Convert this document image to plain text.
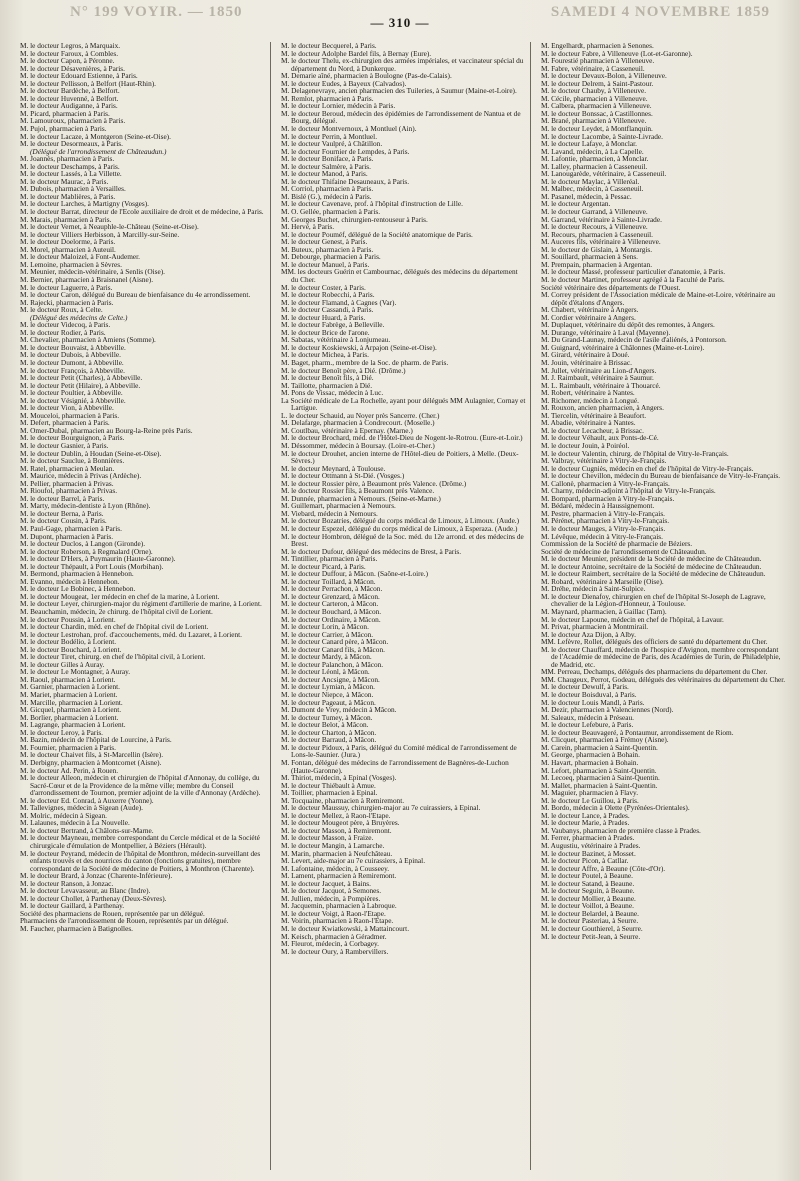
N° 199 VOYIR. — 1850
— 310 —
SAMEDI 4 NOVEMBRE 1859
M. le docteur Legros, à Marquaix.
M. le docteur Faroux, à Combles.
M. le docteur Capon, à Péronne.
M. le docteur Désavenières, à Paris.
M. le docteur Edouard Estienne, à Paris.
M. le docteur Pellisson, à Belfort (Haut-Rhin).
M. le docteur Bardèche, à Belfort.
M. le docteur Huvenné, à Belfort.
M. le docteur Audiganne, à Paris.
M. Picard, pharmacien à Paris.
M. Lamouroux, pharmacien à Paris.
M. Pujol, pharmacien à Paris.
M. le docteur Lacaze, à Montgeron (Seine-et-Oise).
M. le docteur Desormeaux, à Paris.
(Délégué de l'arrondissement de Châteaudun.)
M. Joannès, pharmacien à Paris.
M. le docteur Deschamps, à Paris.
M. le docteur Lassés, à La Villette.
M. le docteur Maurac, à Paris.
M. Dubois, pharmacien à Versailles.
M. le docteur Mablières, à Paris.
M. le docteur Larches, à Martigny (Vosges).
M. le docteur Barrat, directeur de l'Ecole auxiliaire de droit et de médecine, à Paris.
M. Marais, pharmacien à Paris.
M. le docteur Vernet, à Neauphle-le-Château (Seine-et-Oise).
M. le docteur Villiers Herbisson, à Marcilly-sur-Seine.
M. le docteur Doelorme, à Paris.
M. Morel, pharmacien à Auteuil.
M. le docteur Maloizel, à Font-Audemer.
M. Lemoine, pharmacien à Sèvres.
M. Meunier, médecin-vétérinaire, à Senlis (Oise).
M. Bernier, pharmacien à Braisnanel (Aisne).
M. le docteur Laguerre, à Paris.
M. le docteur Caron, délégué du Bureau de bienfaisance du 4e arrondissement.
M. Rajecki, pharmacien à Paris.
M. le docteur Roux, à Celte.
(Délégué des médecins de Celte.)
M. le docteur Videcoq, à Paris.
M. le docteur Rodier, à Paris.
M. Chevalier, pharmacien à Amiens (Somme).
M. le docteur Bouvaist, à Abbeville.
M. le docteur Dubois, à Abbeville.
M. le docteur Dumont, à Abbeville.
M. le docteur François, à Abbeville.
M. le docteur Petit (Charles), à Abbeville.
M. le docteur Petit (Hilaire), à Abbeville.
M. le docteur Poultier, à Abbeville.
M. le docteur Vésignié, à Abbeville.
M. le docteur Vion, à Abbeville.
M. Mouceloi, pharmacien à Paris.
M. Defert, pharmacien à Paris.
M. Omer-Dubal, pharmacien au Bourg-la-Reine près Paris.
M. le docteur Bourguignon, à Paris.
M. le docteur Gasnier, à Paris.
M. le docteur Dublin, à Houdan (Seine-et-Oise).
M. le docteur Sauclue, à Bonnières.
M. Ratel, pharmacien à Meulan.
M. Maurice, médecin à Privas (Ardèche).
M. Pellier, pharmacien à Privas.
M. Rioufol, pharmacien à Privas.
M. le docteur Barrel, à Paris.
M. Marty, médecin-dentiste à Lyon (Rhône).
M. le docteur Berna, à Paris.
M. le docteur Cousin, à Paris.
M. Paul-Gage, pharmacien à Paris.
M. Dupont, pharmacien à Paris.
M. le docteur Duclos, à Langon (Gironde).
M. le docteur Roberson, à Regmalard (Orne).
M. le docteur D'Hers, à Puymaurin (Haute-Garonne).
M. le docteur Thépault, à Port Louis (Morbihan).
M. Bermond, pharmacien à Hennebon.
M. Evanno, médecin à Hennebon.
M. le docteur Le Bobinec, à Hennebon.
M. le docteur Mougeat, 1er médecin en chef de la marine, à Lorient.
M. le docteur Leyer, chirurgien-major du régiment d'artillerie de marine, à Lorient.
M. Beauchamin, médecin, 2e chirurg. de l'hôpital civil de Lorient.
M. le docteur Poussin, à Lorient.
M. le docteur Chardin, méd. en chef de l'hôpital civil de Lorient.
M. le docteur Lestrohan, prof. d'accouchements, méd. du Lazaret, à Lorient.
M. le docteur Bodélio, à Lorient.
M. le docteur Bouchard, à Lorient.
M. le docteur Tiret, chirurg. en chef de l'hôpital civil, à Lorient.
M. le docteur Gilles à Auray.
M. le docteur Le Montagner, à Auray.
M. Raoul, pharmacien à Lorient.
M. Garnier, pharmacien à Lorient.
M. Mariet, pharmacien à Lorient.
M. Marcille, pharmacien à Lorient.
M. Gicquel, pharmacien à Lorient.
M. Borlier, pharmacien à Lorient.
M. Lagrange, pharmacien à Lorient.
M. le docteur Leroy, à Paris.
M. Bazin, médecin de l'hôpital de Lourcine, à Paris.
M. Fournier, pharmacien à Paris.
M. le docteur Chaivet fils, à St-Marcellin (Isère).
M. Derbigny, pharmacien à Montcornet (Aisne).
M. le docteur Ad. Perin, à Rouen.
M. le docteur Alleon, médecin et chirurgien de l'hôpital d'Annonay, du collège, du Sacré-Cœur et de la Providence de la même ville; membre du Conseil d'arrondissement de Tournon, premier adjoint de la ville d'Annonay (Ardèche).
M. le docteur Ed. Conrad, à Auxerre (Yonne).
M. Tallevignes, médecin à Sigean (Aude).
M. Molric, médecin à Sigean.
M. Lalaunes, médecin à La Nouvelle.
M. le docteur Bertrand, à Châlons-sur-Marne.
M. le docteur Mayneau, membre correspondant du Cercle médical et de la Société chirurgicale d'émulation de Montpellier, à Béziers (Hérault).
M. le docteur Peyrand, médecin de l'hôpital de Monthron, médecin-surveillant des enfants trouvés et des nourrices du canton (fonctions gratuites), membre correspondant de la Société de médecine de Poitiers, à Monthron (Charente).
M. le docteur Brard, à Jonzac (Charente-Inférieure).
M. le docteur Ranson, à Jonzac.
M. le docteur Levavasseur, au Blanc (Indre).
M. le docteur Chollet, à Parthenay (Deux-Sèvres).
M. le docteur Gaillard, à Parthenay.
Société des pharmaciens de Rouen, représentée par un délégué.
Pharmaciens de l'arrondissement de Rouen, représentés par un délégué.
M. Faucher, pharmacien à Batignolles.
M. le docteur Becquerel, à Paris.
M. le docteur Adolphe Bardel fils, à Bernay (Eure).
M. le docteur Thelu, ex-chirurgien des armées impériales, et vaccinateur spécial du département du Nord, à Dunkerque.
M. Demarie aîné, pharmacien à Boulogne (Pas-de-Calais).
M. le docteur Eudes, à Bayeux (Calvados).
M. Delagenevraye, ancien pharmacien des Tuileries, à Saumur (Maine-et-Loire).
M. Remlot, pharmacien à Paris.
M. le docteur Lornier, médecin à Paris.
M. le docteur Beroud, médecin des épidémies de l'arrondissement de Nantua et de Bourg, délégué.
M. le docteur Montvernoux, à Montluel (Ain).
M. le docteur Perrin, à Montluel.
M. le docteur Vaulpré, à Châtillon.
M. le docteur Fournier de Lempdes, à Paris.
M. le docteur Boniface, à Paris.
M. le docteur Salmère, à Paris.
M. le docteur Manod, à Paris.
M. le docteur Thifaine Desauneaux, à Paris.
M. Corriol, pharmacien à Paris.
M. Bislé (G.), médecin à Paris.
M. le docteur Cavenave, prof. à l'hôpital d'instruction de Lille.
M. O. Gellée, pharmacien à Paris.
M. Georges Buchet, chirurgien-rentouseur à Paris.
M. Hervé, à Paris.
M. le docteur Pouméf, délégué de la Société anatomique de Paris.
M. le docteur Genest, à Paris.
M. Buteux, pharmacien à Paris.
M. Debourge, pharmacien à Paris.
M. le docteur Manuel, à Paris.
MM. les docteurs Guérin et Cambournac, délégués des médecins du département du Cher.
M. le docteur Coster, à Paris.
M. le docteur Robecchi, à Paris.
M. le docteur Flamand, à Cagnes (Var).
M. le docteur Cassandi, à Paris.
M. le docteur Huard, à Paris.
M. le docteur Fabrège, à Belleville.
M. le docteur Brice de l'arone.
M. Sabatas, vétérinaire à Lonjumeau.
M. le docteur Koskiewski, à Arpajon (Seine-et-Oise).
M. le docteur Michea, à Paris.
M. Baget, pharm., membre de la Soc. de pharm. de Paris.
M. le docteur Benoît père, à Dié. (Drôme.)
M. le docteur Benoît fils, à Dié.
M. Taillotte, pharmacien à Dié.
M. Pons de Vissac, médecin à Luc.
La Société médicale de La Rochelle, ayant pour délégués MM Aulagnier, Cornay et Lartigue.
L. le docteur Schauid, au Noyer près Sancerre. (Cher.)
M. Delafarge, pharmacien à Condrecourt. (Moselle.)
M. Coutlbau, vétérinaire à Epernay. (Marne.)
M. le docteur Brochard, méd. de l'Hôtel-Dieu de Nogent-le-Rotrou. (Eure-et-Loir.)
M. Déssommer, médecin à Boursay. (Loire-et-Cher.)
M. le docteur Drouhet, ancien interne de l'Hôtel-dieu de Poitiers, à Melle. (Deux-Sèvres.)
M. le docteur Meynard, à Toulouse.
M. le docteur Ottmann à St-Dié. (Vosges.)
M. le docteur Rossier père, à Beaumont près Valence. (Drôme.)
M. le docteur Rossier fils, à Beaumont près Valence.
M. Dunnée, pharmacien à Nemours. (Seine-et-Marne.)
M. Guillemart, pharmacien à Nemours.
M. Viebard, médecin à Nemours.
M. le docteur Bozatries, délégué du corps médical de Limoux, à Limoux. (Aude.)
M. le docteur Espezel, délégué du corps médical de Limoux, à Esperaza. (Aude.)
M. le docteur Hombron, délégué de la Soc. méd. du 12e arrond. et des médecins de Brest.
M. le docteur Dufour, délégué des médecins de Brest, à Paris.
M. Tintillier, pharmacien à Paris.
M. le docteur Picard, à Paris.
M. le docteur Duffour, à Mâcon. (Saône-et-Loire.)
M. le docteur Toillard, à Mâcon.
M. le docteur Perrachon, à Mâcon.
M. le docteur Grenzard, à Mâcon.
M. le docteur Carteron, à Mâcon.
M. le docteur Bouchard, à Mâcon.
M. le docteur Ordinaire, à Mâcon.
M. le docteur Lorin, à Mâcon.
M. le docteur Carrier, à Mâcon.
M. le docteur Canard père, à Mâcon.
M. le docteur Canard fils, à Mâcon.
M. le docteur Mardy, à Mâcon.
M. le docteur Palanchon, à Mâcon.
M. le docteur Léonl, à Mâcon.
M. le docteur Ancsigne, à Mâcon.
M. le docteur Lymian, à Mâcon.
M. le docteur Niepce, à Mâcon.
M. le docteur Pageaut, à Mâcon.
M. Dumont de Vrey, médecin à Mâcon.
M. le docteur Tumey, à Mâcon.
M. le docteur Belot, à Mâcon.
M. le docteur Charton, à Mâcon.
M. le docteur Barraud, à Mâcon.
M. le docteur Pidoux, à Paris, délégué du Comité médical de l'arrondissement de Lons-le-Saunier. (Jura.)
M. Fontan, délégué des médecins de l'arrondissement de Bagnères-de-Luchon (Haute-Garonne).
M. Thiriot, médecin, à Epinal (Vosges).
M. le docteur Thiébault à Amue.
M. Toillier, pharmacien à Epinal.
M. Tocquaine, pharmacien à Remiremont.
M. le docteur Maussuy, chirurgien-major au 7e cuirassiers, à Epinal.
M. le docteur Mellez, à Raon-l'Etape.
M. le docteur Mougeot père, à Bruyères.
M. le docteur Masson, à Remiremont.
M. le docteur Masson, à Fraize.
M. le docteur Mangin, à Lamarche.
M. Marin, pharmacien à Neufchâteau.
M. Levert, aide-major au 7e cuirassiers, à Epinal.
M. Lafontaine, médecin, à Cousseey.
M. Lament, pharmacien à Remiremont.
M. le docteur Jacquet, à Bains.
M. le docteur Jacquot, à Semones.
M. Jullien, médecin, à Pompières.
M. Jacquemin, pharmacien à Labroque.
M. le docteur Voigt, à Raon-l'Etape.
M. Voirin, pharmacien à Raon-l'Etape.
M. le docteur Kwiatkowski, à Mattaincourt.
M. Keisch, pharmacien à Géradmer.
M. Fleurot, médecin, à Corbagey.
M. le docteur Oury, à Rambervillers.
M. Engelhardt, pharmacien à Senones.
M. le docteur Fabre, à Villeneuve (Lot-et-Garonne).
M. Fourestié pharmacien à Villeneuve.
M. Fabre, vétérinaire, à Casseneuil.
M. le docteur Devaux-Bolon, à Villeneuve.
M. le docteur Delrem, à Saint-Pastour.
M. le docteur Chauby, à Villeneuve.
M. Cécile, pharmacien à Villeneuve.
M. Calbera, pharmacien à Villeneuve.
M. le docteur Bonssac, à Castillonnes.
M. Brané, pharmacien à Villeneuve.
M. le docteur Leydet, à Montflanquin.
M. le docteur Lacombe, à Sainte-Livrade.
M. le docteur Lafaye, à Monclar.
M. Lavand, médecin, à La Capelle.
M. Lafontie, pharmacien, à Monclar.
M. Lalley, pharmacien à Casseneuil.
M. Lanougarède, vétérinaire, à Casseneuil.
M. le docteur Maylac, à Villeréal.
M. Malbec, médecin, à Casseneuil.
M. Pasanel, médecin, à Pessac.
M. le docteur Argentan.
M. le docteur Garrand, à Villeneuve.
M. Garrand, vétérinaire à Sainte-Livrade.
M. le docteur Recours, à Villeneuve.
M. Recours, pharmacien à Casseneuil.
M. Auceres fils, vétérinaire à Villeneuve.
M. le docteur de Gislain, à Montargis.
M. Souillard, pharmacien à Sens.
M. Prempain, pharmacien à Argentan.
M. le docteur Massé, professeur particulier d'anatomie, à Paris.
M. le docteur Martinet, professeur agrégé à la Faculté de Paris.
Société vétérinaire des départements de l'Ouest.
M. Correy président de l'Association médicale de Maine-et-Loire, vétérinaire au dépôt d'étalons d'Angers.
M. Chabert, vétérinaire à Angers.
M. Cordier vétérinaire à Angers.
M. Duplaquet, vétérinaire du dépôt des remontes, à Angers.
M. Durange, vétérinaire à Laval (Mayenne).
M. Du Grand-Launay, médecin de l'asile d'aliénés, à Pontorson.
M. Guignard, vétérinaire à Châlonnes (Maine-et-Loire).
M. Girard, vétérinaire à Doué.
M. Jouin, vétérinaire à Brissac.
M. Jullet, vétérinaire au Lion-d'Angers.
M. J. Raimbault, vétérinaire à Saumur.
M. L. Raimbault, vétérinaire à Thouarcé.
M. Robert, vétérinaire à Nantes.
M. Richomer, médecin à Longué.
M. Rouxon, ancien pharmacien, à Angers.
M. Tiercelin, vétérinaire à Beaufort.
M. Abadie, vétérinaire à Nantes.
M. le docteur Lecacheur, à Brissac.
M. le docteur Véhault, aux Ponts-de-Cé.
M. le docteur Jouin, à Poiréol.
M. le docteur Valentin, chirurg. de l'hôpital de Vitry-le-Français.
M. Valbray, vétérinaire à Vitry-le-Français.
M. le docteur Cugniès, médecin en chef de l'hôpital de Vitry-le-Français.
M. le docteur Chevillon, médecin du Bureau de bienfaisance de Vitry-le-Français.
M. Callonè, pharmacien à Vitry-le-Français.
M. Charny, médecin-adjoint à l'hôpital de Vitry-le-Français.
M. Bompard, pharmacien à Vitry-le-Français.
M. Bédaré, médecin à Haussignemont.
M. Pestre, pharmacien à Vitry-le-Français.
M. Pérénet, pharmacien à Vitry-le-Français.
M. le docteur Mauges, à Vitry-le-Français.
M. Lévêque, médecin à Vitry-le-Français.
Commission de la Société de pharmacie de Béziers.
Société de médecine de l'arrondissement de Châteaudun.
M. le docteur Meunier, président de la Société de médecine de Châteaudun.
M. le docteur Antoine, secrétaire de la Société de médecine de Châteaudun.
M. le docteur Raimbert, secrétaire de la Société de médecine de Châteaudun.
M. Robard, vétérinaire à Marseille (Oise).
M. Dréhe, médecin à Saint-Sulpice.
M. le docteur Dienafoy, chirurgien en chef de l'hôpital St-Joseph de Lagrave, chevalier de la Légion-d'Honneur, à Toulouse.
M. Maynard, pharmacien, à Gaillac (Tarn).
M. le docteur Lapoune, médecin en chef de l'hôpital, à Lavaur.
M. Privat, pharmacien à Montmirail.
M. le docteur Aza Dijon, à Alby.
MM. Lefèvre, Rollet, délégués des officiers de santé du département du Cher.
M. le docteur Chauffard, médecin de l'hospice d'Avignon, membre correspondant de l'Académie de médecine de Paris, des Académies de Turin, de Philadelphie, de Madrid, etc.
MM. Perreau, Dechamps, délégués des pharmaciens du département du Cher.
MM. Chaugeux, Perrot, Godeau, délégués des vétérinaires du département du Cher.
M. le docteur Dewulf, à Paris.
M. le docteur Boisduval, à Paris.
M. le docteur Louis Mandl, à Paris.
M. Dezir, pharmacien à Valenciennes (Nord).
M. Saleaux, médecin à Préseau.
M. le docteur Lefebure, à Paris.
M. le docteur Beauvageré, à Pontaumur, arrondissement de Riom.
M. Clicquet, pharmacien à Frémoy (Aisne).
M. Carein, pharmacien à Saint-Quentin.
M. George, pharmacien à Bohain.
M. Havart, pharmacien à Bohain.
M. Lefort, pharmacien à Saint-Quentin.
M. Lecoeq, pharmacien à Saint-Quentin.
M. Mallet, pharmacien à Saint-Quentin.
M. Maguier, pharmacien à Flavy.
M. le docteur Le Guillou, à Paris.
M. Bordo, médecin à Olette (Pyrénées-Orientales).
M. le docteur Lance, à Prades.
M. le docteur Marie, à Prades.
M. Vaubanys, pharmacien de première classe à Prades.
M. Ferrer, pharmacien à Prades.
M. Augustiu, vétérinaire à Prades.
M. le docteur Bazinet, à Mosset.
M. le docteur Picon, à Catllar.
M. le docteur Affre, à Beaune (Côte-d'Or).
M. le docteur Poutel, à Beaune.
M. le docteur Satand, à Beaune.
M. le docteur Seguin, à Beaune.
M. le docteur Mollier, à Beaune.
M. le docteur Voillot, à Beaune.
M. le docteur Belardel, à Beaune.
M. le docteur Pasteriau, à Seurre.
M. le docteur Gouthierel, à Seurre.
M. le docteur Petit-Jean, à Seurre.
